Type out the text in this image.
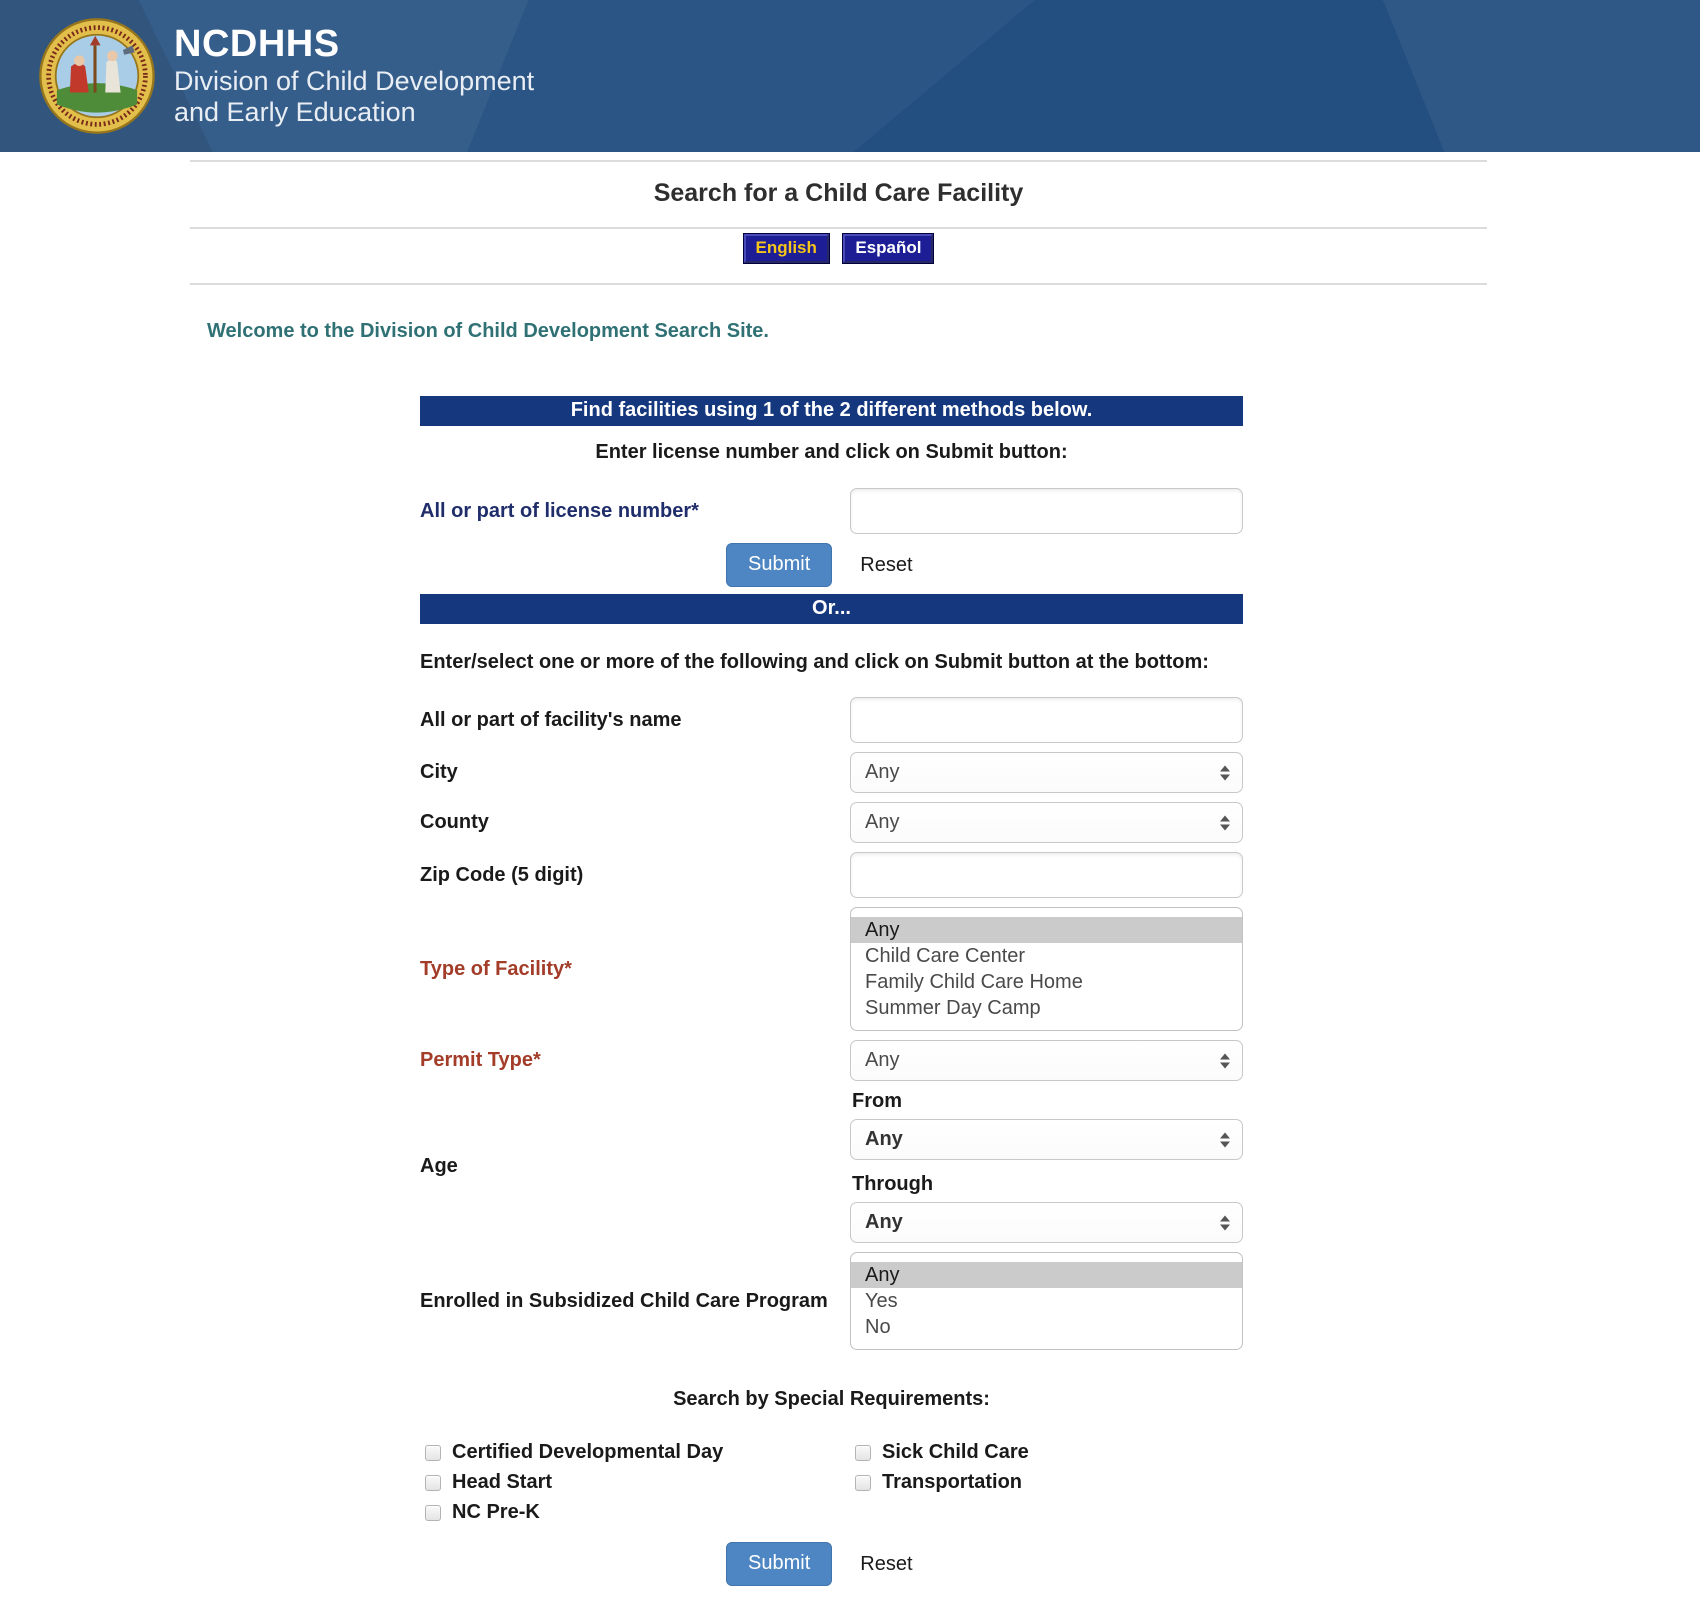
NCDHHS
Division of Child Development
and Early Education
Search for a Child Care Facility
English Español
Welcome to the Division of Child Development Search Site.
Find facilities using 1 of the 2 different methods below.
Enter license number and click on Submit button:
All or part of license number*
Submit	Reset
Or...
Enter/select one or more of the following and click on Submit button at the bottom:
All or part of facility's name
City	Any
County	Any
Zip Code (5 digit)
Type of Facility*
Any
Child Care Center
Family Child Care Home
Summer Day Camp
Permit Type*	Any
Age
From
Any
Through
Any
Enrolled in Subsidized Child Care Program
Any
Yes
No
Search by Special Requirements:
Certified Developmental Day
Head Start
NC Pre-K
Sick Child Care
Transportation
Submit	Reset
